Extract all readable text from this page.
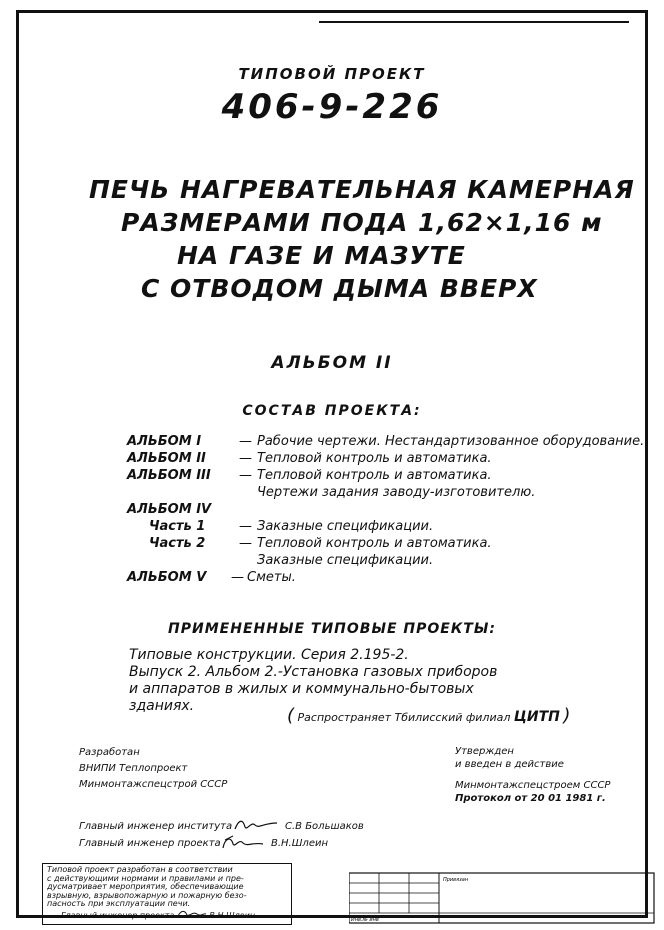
ТИПОВОЙ ПРОЕКТ
406-9-226
ПЕЧЬ НАГРЕВАТЕЛЬНАЯ КАМЕРНАЯ
РАЗМЕРАМИ ПОДА 1,62×1,16 м
НА ГАЗЕ И МАЗУТЕ
С ОТВОДОМ ДЫМА ВВЕРХ
АЛЬБОМ II
СОСТАВ ПРОЕКТА:
АЛЬБОМ I	— Рабочие чертежи. Нестандартизованное оборудование.
АЛЬБОМ II	— Тепловой контроль и автоматика.
АЛЬБОМ III — Тепловой контроль и автоматика.
Чертежи задания заводу-изготовителю.
АЛЬБОМ IV
Часть 1	— Заказные спецификации.
Часть 2	— Тепловой контроль и автоматика.
Заказные спецификации.
АЛЬБОМ V — Сметы.
ПРИМЕНЕННЫЕ ТИПОВЫЕ ПРОЕКТЫ:
Типовые конструкции. Серия 2.195-2.
Выпуск 2. Альбом 2.-Установка газовых приборов
и аппаратов в жилых и коммунально-бытовых
зданиях.	( Распространяет Тбилисский филиал ЦИТП )
Разработан
ВНИПИ Теплопроект
Минмонтажспецстрой СССР
Утвержден
и введен в действие
Минмонтажспецстроем СССР
Протокол от 20 01 1981 г.
Главный инженер института	С.В Большаков
Главный инженер проекта	В.Н.Шлеин
Типовой проект разработан в соответствии
с действующими нормами и правилами и пре-
дусматривает мероприятия, обеспечивающие
взрывную, взрывопожарную и пожарную безо-
пасность при эксплуатации печи.
Главный инженер проекта	В.Н Шлеин
Привязан
Инв.№ инв
